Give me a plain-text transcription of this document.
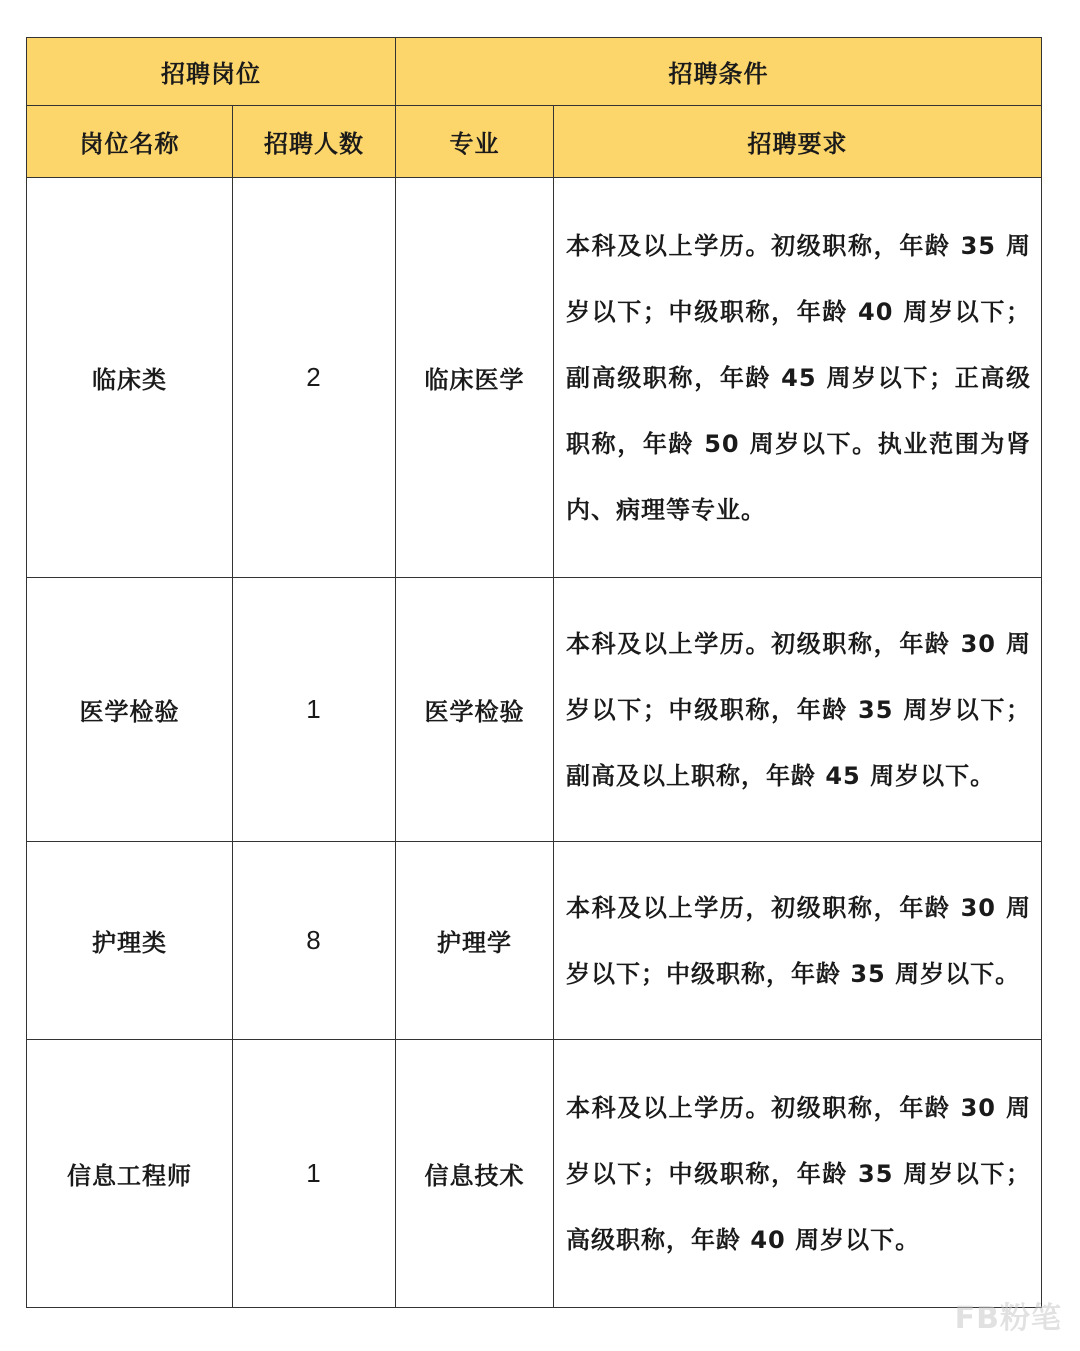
招聘岗位		招聘条件	
岗位名称	招聘人数	专业	招聘要求
临床类	2	临床医学	本科及以上学历。初级职称，年龄 35 周岁以下；中级职称，年龄 40 周岁以下；副高级职称，年龄 45 周岁以下；正高级职称，年龄 50 周岁以下。执业范围为肾内、病理等专业。
医学检验	1	医学检验	本科及以上学历。初级职称，年龄 30 周岁以下；中级职称，年龄 35 周岁以下；副高及以上职称，年龄 45 周岁以下。
护理类	8	护理学	本科及以上学历，初级职称，年龄 30 周岁以下；中级职称，年龄 35 周岁以下。
信息工程师	1	信息技术	本科及以上学历。初级职称，年龄 30 周岁以下；中级职称，年龄 35 周岁以下；高级职称，年龄 40 周岁以下。
FB粉笔
